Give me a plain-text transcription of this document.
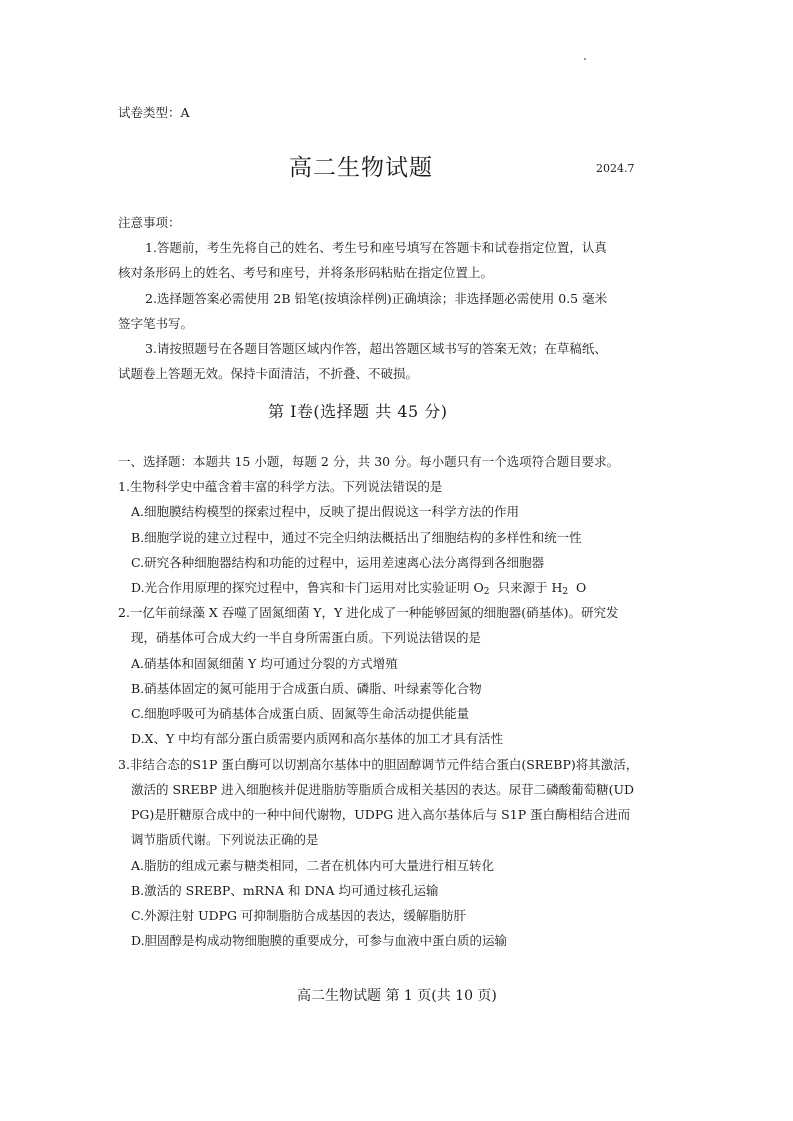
试卷类型：A
高二生物试题	2024.7
注意事项：
1.答题前，考生先将自己的姓名、考生号和座号填写在答题卡和试卷指定位置，认真
核对条形码上的姓名、考号和座号，并将条形码粘贴在指定位置上。
2.选择题答案必需使用 2B 铅笔(按填涂样例)正确填涂；非选择题必需使用 0.5 毫米
签字笔书写。
3.请按照题号在各题目答题区域内作答，超出答题区域书写的答案无效；在草稿纸、
试题卷上答题无效。保持卡面清洁，不折叠、不破损。
第 Ⅰ卷(选择题 共 45 分)
一、选择题：本题共 15 小题，每题 2 分，共 30 分。每小题只有一个选项符合题目要求。
1.生物科学史中蕴含着丰富的科学方法。下列说法错误的是
A.细胞膜结构模型的探索过程中，反映了提出假说这一科学方法的作用
B.细胞学说的建立过程中，通过不完全归纳法概括出了细胞结构的多样性和统一性
C.研究各种细胞器结构和功能的过程中，运用差速离心法分离得到各细胞器
D.光合作用原理的探究过程中，鲁宾和卡门运用对比实验证明 $O_2$ 只来源于 $H_2$ O
2.一亿年前绿藻 X 吞噬了固氮细菌 Y，Y 进化成了一种能够固氮的细胞器(硝基体)。研究发
现，硝基体可合成大约一半自身所需蛋白质。下列说法错误的是
A.硝基体和固氮细菌 Y 均可通过分裂的方式增殖
B.硝基体固定的氮可能用于合成蛋白质、磷脂、叶绿素等化合物
C.细胞呼吸可为硝基体合成蛋白质、固氮等生命活动提供能量
D.X、Y 中均有部分蛋白质需要内质网和高尔基体的加工才具有活性
3.非结合态的S1P 蛋白酶可以切割高尔基体中的胆固醇调节元件结合蛋白(SREBP)将其激活，
激活的 SREBP 进入细胞核并促进脂肪等脂质合成相关基因的表达。尿苷二磷酸葡萄糖(UD
PG)是肝糖原合成中的一种中间代谢物，UDPG 进入高尔基体后与 S1P 蛋白酶相结合进而
调节脂质代谢。下列说法正确的是
A.脂肪的组成元素与糖类相同，二者在机体内可大量进行相互转化
B.激活的 SREBP、mRNA 和 DNA 均可通过核孔运输
C.外源注射 UDPG 可抑制脂肪合成基因的表达，缓解脂肪肝
D.胆固醇是构成动物细胞膜的重要成分，可参与血液中蛋白质的运输
高二生物试题 第 1 页(共 10 页)
